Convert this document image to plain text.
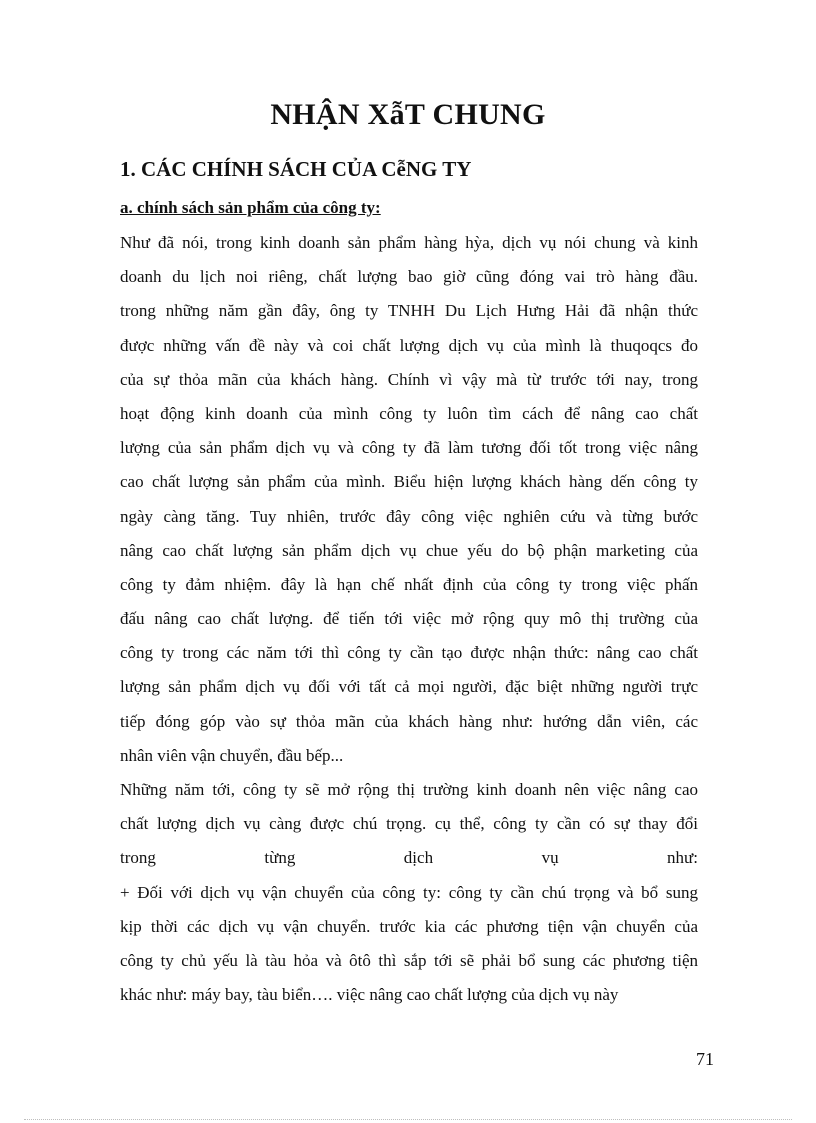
NHẬN XẫT CHUNG
1. CÁC CHÍNH SÁCH CỦA CễNG TY
a. chính sách sản phẩm của công ty:
Như đã nói, trong kinh doanh sản phẩm hàng hỳa, dịch vụ nói chung và kinh
doanh du lịch noi riêng, chất lượng bao giờ cũng đóng vai trò hàng đầu.
trong những năm gần đây, ông ty TNHH Du Lịch Hưng Hải đã nhận thức
được những vấn đề này và coi chất lượng dịch vụ của mình là thuqoqcs đo
của sự thỏa mãn của khách hàng. Chính vì vậy mà từ trước tới nay, trong
hoạt động kinh doanh của mình công ty luôn tìm cách để nâng cao chất
lượng của sản phẩm dịch vụ và công ty đã làm tương đối tốt trong việc nâng
cao chất lượng sản phẩm của mình. Biểu hiện lượng khách hàng dến công ty
ngày càng tăng. Tuy nhiên, trước đây công việc nghiên cứu và từng bước
nâng cao chất lượng sản phẩm dịch vụ chue yếu do bộ phận marketing của
công ty đảm nhiệm. đây là hạn chế nhất định của công ty trong việc phấn
đấu nâng cao chất lượng. để tiến tới việc mở rộng quy mô thị trường của
công ty trong các năm tới thì công ty cần tạo được nhận thức: nâng cao chất
lượng sản phẩm dịch vụ đối với tất cả mọi người, đặc biệt những người trực
tiếp đóng góp vào sự thỏa mãn của khách hàng như: hướng dẫn viên, các
nhân viên vận chuyển, đầu bếp...
Những năm tới, công ty sẽ mở rộng thị trường kinh doanh nên việc nâng cao
chất lượng dịch vụ càng được chú trọng. cụ thể, công ty cần có sự thay đổi
trong từng dịch vụ như:
+ Đối với dịch vụ vận chuyển của công ty: công ty cần chú trọng và bổ sung
kịp thời các dịch vụ vận chuyển. trước kia các phương tiện vận chuyển của
công ty chủ yếu là tàu hỏa và ôtô thì sắp tới sẽ phải bổ sung các phương tiện
khác như: máy bay, tàu biển…. việc nâng cao chất lượng của dịch vụ này
71
